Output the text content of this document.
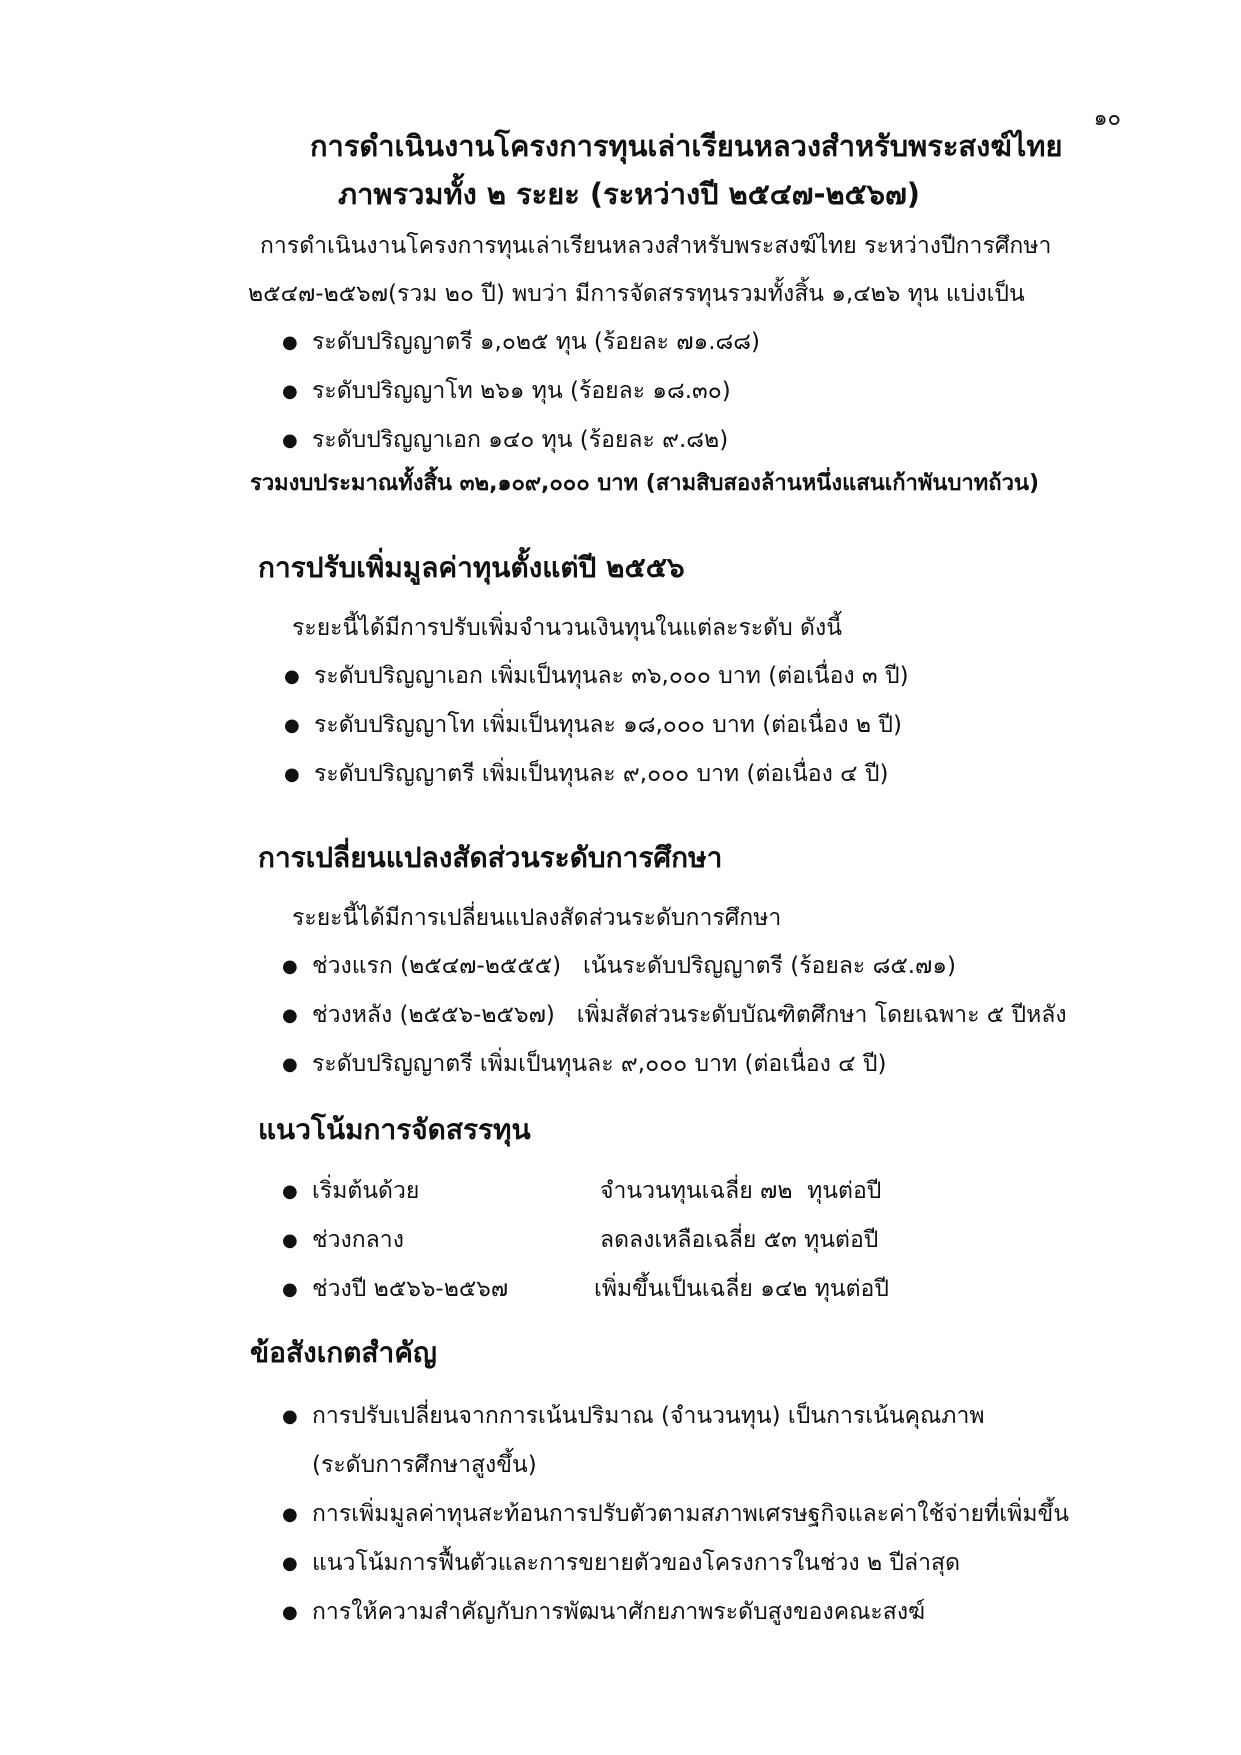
๑๐
การดำเนินงานโครงการทุนเล่าเรียนหลวงสำหรับพระสงฆ์ไทย
ภาพรวมทั้ง ๒ ระยะ (ระหว่างปี ๒๕๔๗-๒๕๖๗)
การดำเนินงานโครงการทุนเล่าเรียนหลวงสำหรับพระสงฆ์ไทย ระหว่างปีการศึกษา
๒๕๔๗-๒๕๖๗(รวม ๒๐ ปี) พบว่า มีการจัดสรรทุนรวมทั้งสิ้น ๑,๔๒๖ ทุน แบ่งเป็น
● ระดับปริญญาตรี ๑,๐๒๕ ทุน (ร้อยละ ๗๑.๘๘)
● ระดับปริญญาโท ๒๖๑ ทุน (ร้อยละ ๑๘.๓๐)
● ระดับปริญญาเอก ๑๔๐ ทุน (ร้อยละ ๙.๘๒)
รวมงบประมาณทั้งสิ้น ๓๒,๑๐๙,๐๐๐ บาท (สามสิบสองล้านหนึ่งแสนเก้าพันบาทถ้วน)
การปรับเพิ่มมูลค่าทุนตั้งแต่ปี ๒๕๕๖
ระยะนี้ได้มีการปรับเพิ่มจำนวนเงินทุนในแต่ละระดับ ดังนี้
● ระดับปริญญาเอก เพิ่มเป็นทุนละ ๓๖,๐๐๐ บาท (ต่อเนื่อง ๓ ปี)
● ระดับปริญญาโท เพิ่มเป็นทุนละ ๑๘,๐๐๐ บาท (ต่อเนื่อง ๒ ปี)
● ระดับปริญญาตรี เพิ่มเป็นทุนละ ๙,๐๐๐ บาท (ต่อเนื่อง ๔ ปี)
การเปลี่ยนแปลงสัดส่วนระดับการศึกษา
ระยะนี้ได้มีการเปลี่ยนแปลงสัดส่วนระดับการศึกษา
● ช่วงแรก (๒๕๔๗-๒๕๕๕)   เน้นระดับปริญญาตรี (ร้อยละ ๘๕.๗๑)
● ช่วงหลัง (๒๕๕๖-๒๕๖๗)   เพิ่มสัดส่วนระดับบัณฑิตศึกษา โดยเฉพาะ ๕ ปีหลัง
● ระดับปริญญาตรี เพิ่มเป็นทุนละ ๙,๐๐๐ บาท (ต่อเนื่อง ๔ ปี)
แนวโน้มการจัดสรรทุน
● เริ่มต้นด้วย	จำนวนทุนเฉลี่ย ๗๒  ทุนต่อปี
● ช่วงกลาง	ลดลงเหลือเฉลี่ย ๕๓ ทุนต่อปี
● ช่วงปี ๒๕๖๖-๒๕๖๗	เพิ่มขึ้นเป็นเฉลี่ย ๑๔๒ ทุนต่อปี
ข้อสังเกตสำคัญ
● การปรับเปลี่ยนจากการเน้นปริมาณ (จำนวนทุน) เป็นการเน้นคุณภาพ
(ระดับการศึกษาสูงขึ้น)
● การเพิ่มมูลค่าทุนสะท้อนการปรับตัวตามสภาพเศรษฐกิจและค่าใช้จ่ายที่เพิ่มขึ้น
● แนวโน้มการฟื้นตัวและการขยายตัวของโครงการในช่วง ๒ ปีล่าสุด
● การให้ความสำคัญกับการพัฒนาศักยภาพระดับสูงของคณะสงฆ์
